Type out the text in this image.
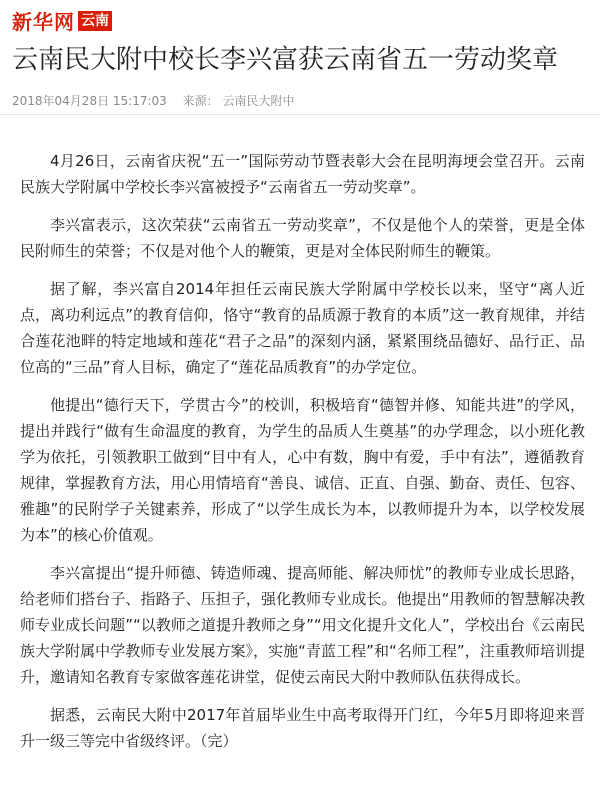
新华网 云南
云南民大附中校长李兴富获云南省五一劳动奖章
2018年04月28日 15:17:03 来源： 云南民大附中

4月26日，云南省庆祝“五一”国际劳动节暨表彰大会在昆明海埂会堂召开。云南民族大学附属中学校长李兴富被授予“云南省五一劳动奖章”。

李兴富表示，这次荣获“云南省五一劳动奖章”，不仅是他个人的荣誉，更是全体民附师生的荣誉；不仅是对他个人的鞭策，更是对全体民附师生的鞭策。

据了解，李兴富自2014年担任云南民族大学附属中学校长以来，坚守“离人近点，离功利远点”的教育信仰，恪守“教育的品质源于教育的本质”这一教育规律，并结合莲花池畔的特定地域和莲花“君子之品”的深刻内涵，紧紧围绕品德好、品行正、品位高的“三品”育人目标，确定了“莲花品质教育”的办学定位。

他提出“德行天下，学贯古今”的校训，积极培育“德智并修、知能共进”的学风，提出并践行“做有生命温度的教育，为学生的品质人生奠基”的办学理念，以小班化教学为依托，引领教职工做到“目中有人，心中有数，胸中有爱，手中有法”，遵循教育规律，掌握教育方法，用心用情培育“善良、诚信、正直、自强、勤奋、责任、包容、雅趣”的民附学子关键素养，形成了“以学生成长为本，以教师提升为本，以学校发展为本”的核心价值观。

李兴富提出“提升师德、铸造师魂、提高师能、解决师忧”的教师专业成长思路，给老师们搭台子、指路子、压担子，强化教师专业成长。他提出“用教师的智慧解决教师专业成长问题”“以教师之道提升教师之身”“用文化提升文化人”，学校出台《云南民族大学附属中学教师专业发展方案》，实施“青蓝工程”和“名师工程”，注重教师培训提升，邀请知名教育专家做客莲花讲堂，促使云南民大附中教师队伍获得成长。

据悉，云南民大附中2017年首届毕业生中高考取得开门红，今年5月即将迎来晋升一级三等完中省级终评。（完）
